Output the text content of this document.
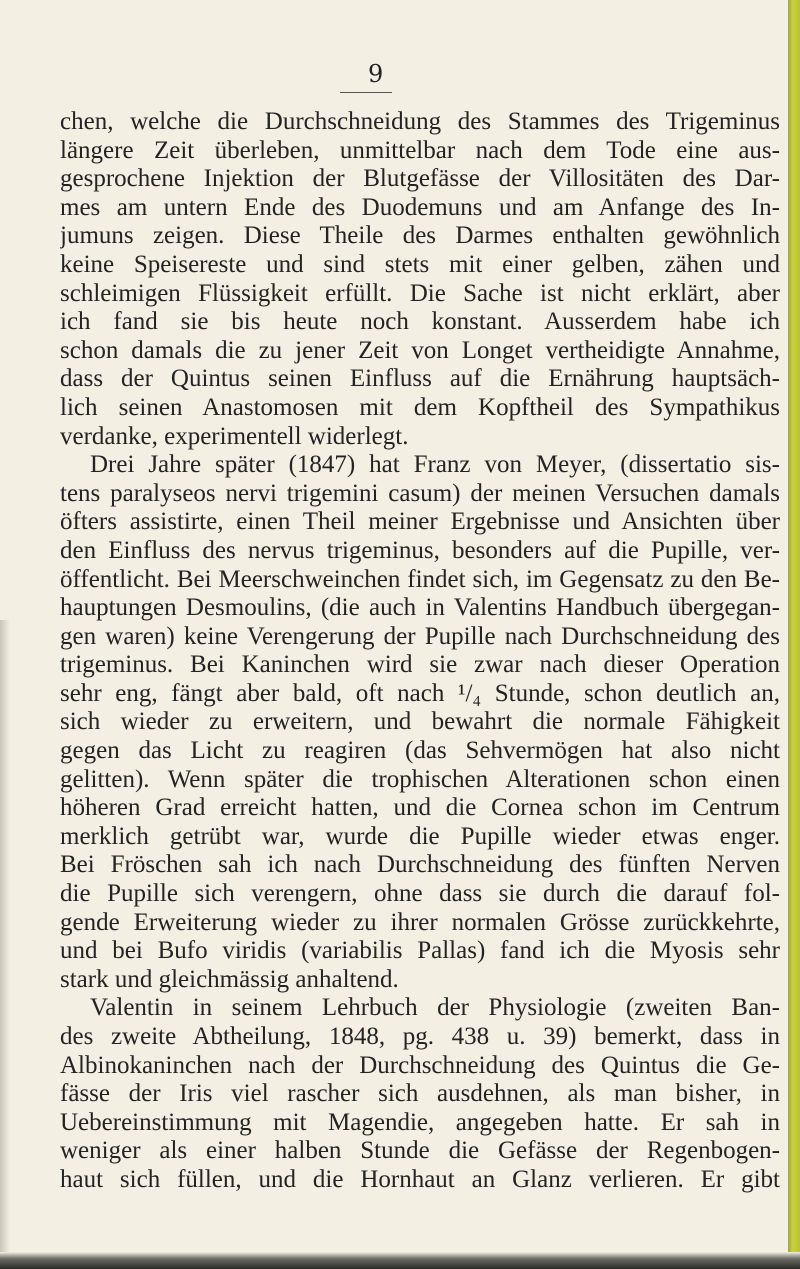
9

chen, welche die Durchschneidung des Stammes des Trigeminus
längere Zeit überleben, unmittelbar nach dem Tode eine aus-
gesprochene Injektion der Blutgefässe der Villositäten des Dar-
mes am untern Ende des Duodemuns und am Anfange des In-
jumuns zeigen. Diese Theile des Darmes enthalten gewöhnlich
keine Speisereste und sind stets mit einer gelben, zähen und
schleimigen Flüssigkeit erfüllt. Die Sache ist nicht erklärt, aber
ich fand sie bis heute noch konstant. Ausserdem habe ich
schon damals die zu jener Zeit von Longet vertheidigte Annahme,
dass der Quintus seinen Einfluss auf die Ernährung hauptsäch-
lich seinen Anastomosen mit dem Kopftheil des Sympathikus
verdanke, experimentell widerlegt.

Drei Jahre später (1847) hat Franz von Meyer, (dissertatio sis-
tens paralyseos nervi trigemini casum) der meinen Versuchen damals
öfters assistirte, einen Theil meiner Ergebnisse und Ansichten über
den Einfluss des nervus trigeminus, besonders auf die Pupille, ver-
öffentlicht. Bei Meerschweinchen findet sich, im Gegensatz zu den Be-
hauptungen Desmoulins, (die auch in Valentins Handbuch übergegan-
gen waren) keine Verengerung der Pupille nach Durchschneidung des
trigeminus. Bei Kaninchen wird sie zwar nach dieser Operation
sehr eng, fängt aber bald, oft nach ¹/₄ Stunde, schon deutlich an,
sich wieder zu erweitern, und bewahrt die normale Fähigkeit
gegen das Licht zu reagiren (das Sehvermögen hat also nicht
gelitten). Wenn später die trophischen Alterationen schon einen
höheren Grad erreicht hatten, und die Cornea schon im Centrum
merklich getrübt war, wurde die Pupille wieder etwas enger.
Bei Fröschen sah ich nach Durchschneidung des fünften Nerven
die Pupille sich verengern, ohne dass sie durch die darauf fol-
gende Erweiterung wieder zu ihrer normalen Grösse zurückkehrte,
und bei Bufo viridis (variabilis Pallas) fand ich die Myosis sehr
stark und gleichmässig anhaltend.

Valentin in seinem Lehrbuch der Physiologie (zweiten Ban-
des zweite Abtheilung, 1848, pg. 438 u. 39) bemerkt, dass in
Albinokaninchen nach der Durchschneidung des Quintus die Ge-
fässe der Iris viel rascher sich ausdehnen, als man bisher, in
Uebereinstimmung mit Magendie, angegeben hatte. Er sah in
weniger als einer halben Stunde die Gefässe der Regenbogen-
haut sich füllen, und die Hornhaut an Glanz verlieren. Er gibt
